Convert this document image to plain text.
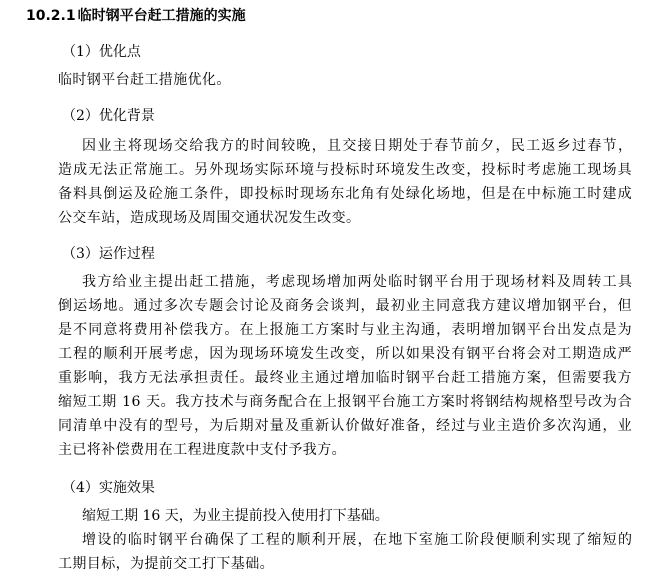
10.2.1 临时钢平台赶工措施的实施
（1）优化点
临时钢平台赶工措施优化。
（2）优化背景
因业主将现场交给我方的时间较晚，且交接日期处于春节前夕，民工返乡过春节，
造成无法正常施工。另外现场实际环境与投标时环境发生改变，投标时考虑施工现场具
备料具倒运及砼施工条件，即投标时现场东北角有处绿化场地，但是在中标施工时建成
公交车站，造成现场及周围交通状况发生改变。
（3）运作过程
我方给业主提出赶工措施，考虑现场增加两处临时钢平台用于现场材料及周转工具
倒运场地。通过多次专题会讨论及商务会谈判，最初业主同意我方建议增加钢平台，但
是不同意将费用补偿我方。在上报施工方案时与业主沟通，表明增加钢平台出发点是为
工程的顺利开展考虑，因为现场环境发生改变，所以如果没有钢平台将会对工期造成严
重影响，我方无法承担责任。最终业主通过增加临时钢平台赶工措施方案，但需要我方
缩短工期 16 天。我方技术与商务配合在上报钢平台施工方案时将钢结构规格型号改为合
同清单中没有的型号，为后期对量及重新认价做好准备，经过与业主造价多次沟通，业
主已将补偿费用在工程进度款中支付予我方。
（4）实施效果
缩短工期 16 天，为业主提前投入使用打下基础。
增设的临时钢平台确保了工程的顺利开展，在地下室施工阶段便顺利实现了缩短的
工期目标，为提前交工打下基础。
